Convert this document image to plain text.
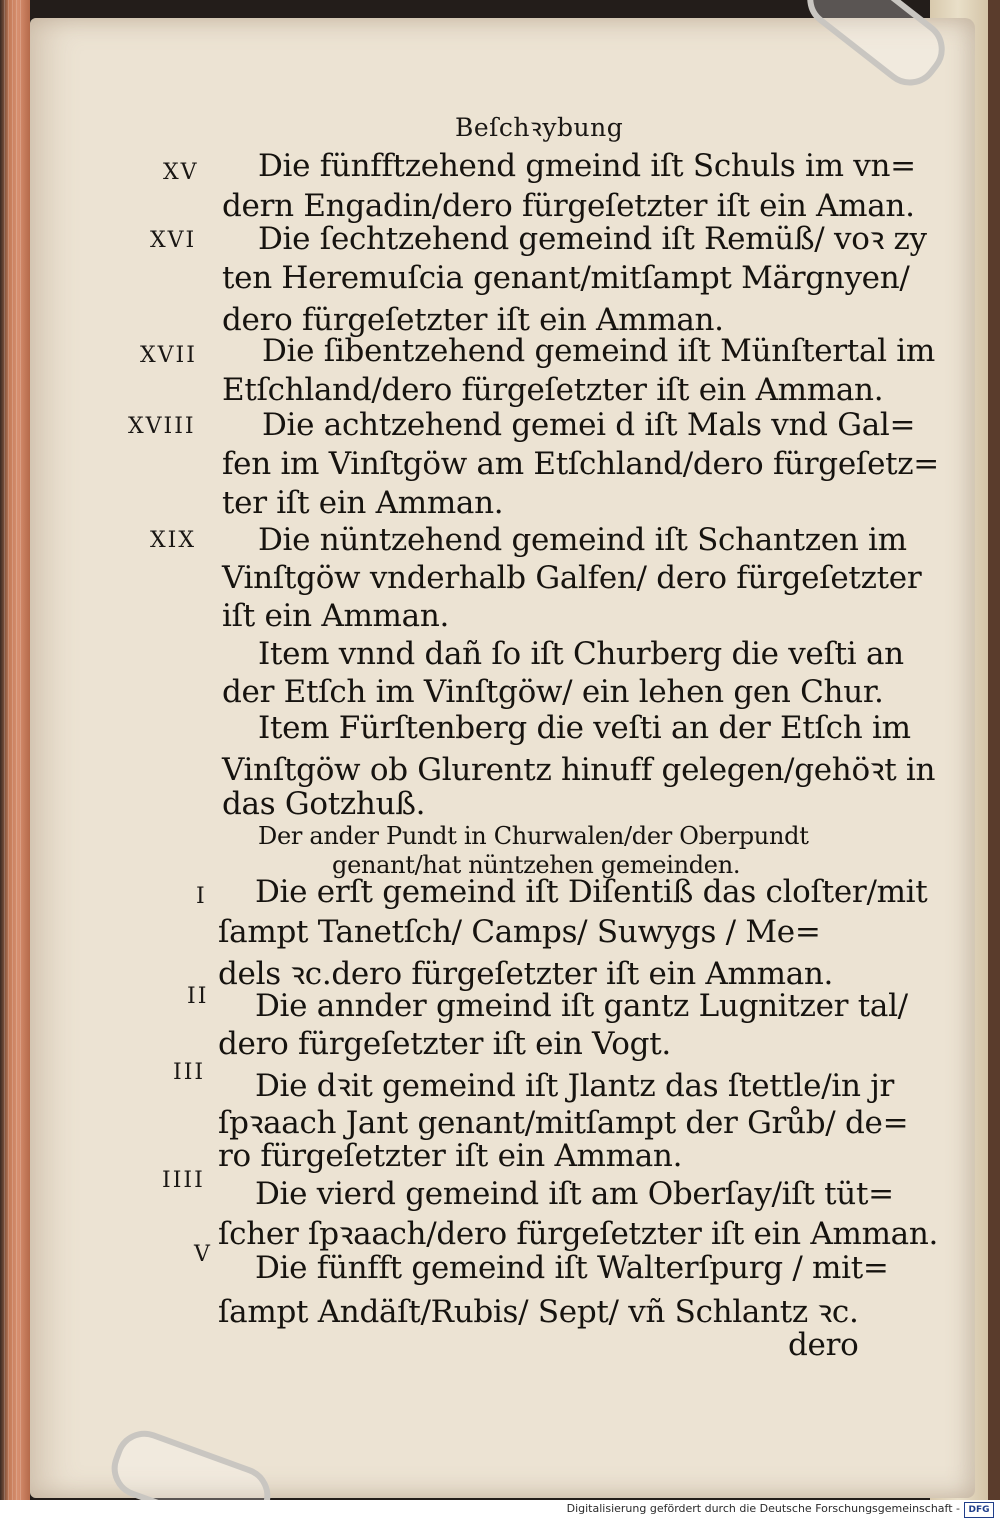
Beſchꝛybung
XV Die fünfftzehend gmeind iſt Schuls im vn=
dern Engadin/dero fürgeſetzter iſt ein Aman.
XVI Die ſechtzehend gemeind iſt Remüß/ voꝛ zy
ten Heremuſcia genant/mitſampt Märgnyen/
dero fürgeſetzter iſt ein Amman.
XVII Die ſibentzehend gemeind iſt Münſtertal im
Etſchland/dero fürgeſetzter iſt ein Amman.
XVIII Die achtzehend gemei d iſt Mals vnd Gal=
fen im Vinſtgöw am Etſchland/dero fürgeſetz=
ter iſt ein Amman.
XIX Die nüntzehend gemeind iſt Schantzen im
Vinſtgöw vnderhalb Galfen/ dero fürgeſetzter
iſt ein Amman.
Item vnnd dañ ſo iſt Churberg die veſti an
der Etſch im Vinſtgöw/ ein lehen gen Chur.
Item Fürſtenberg die veſti an der Etſch im
Vinſtgöw ob Glurentz hinuff gelegen/gehöꝛt in
das Gotzhuß.
Der ander Pundt in Churwalen/der Oberpundt
genant/hat nüntzehen gemeinden.
I Die erſt gemeind iſt Diſentiß das cloſter/mit
ſampt Tanetſch/ Camps/ Suwygs / Me=
dels ꝛc.dero fürgeſetzter iſt ein Amman.
II Die annder gmeind iſt gantz Lugnitzer tal/
dero fürgeſetzter iſt ein Vogt.
III Die dꝛit gemeind iſt Jlantz das ſtettle/in jr
ſpꝛaach Jant genant/mitſampt der Grůb/ de=
ro fürgeſetzter iſt ein Amman.
IIII Die vierd gemeind iſt am Oberſay/iſt tüt=
ſcher ſpꝛaach/dero fürgeſetzter iſt ein Amman.
V Die fünfft gemeind iſt Walterſpurg / mit=
ſampt Andäſt/Rubis/ Sept/ vñ Schlantz ꝛc.
dero
Digitalisierung gefördert durch die Deutsche Forschungsgemeinschaft - DFG
